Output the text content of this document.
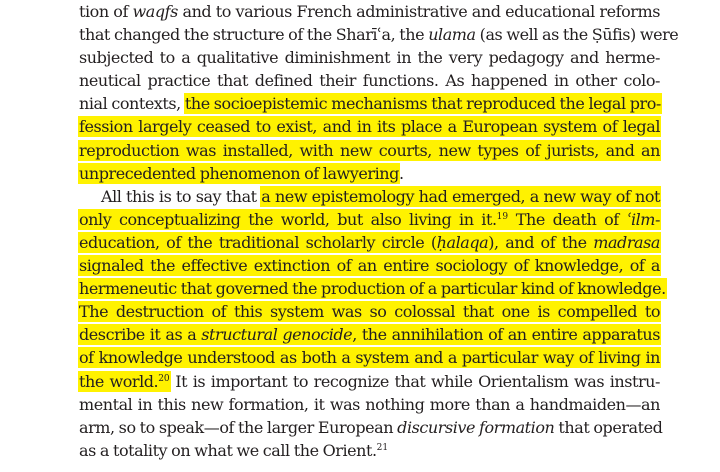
tion of waqfs and to various French administrative and educational reforms
that changed the structure of the Sharīʿa, the ulama (as well as the Ṣūfis) were
subjected to a qualitative diminishment in the very pedagogy and herme-
neutical practice that defined their functions. As happened in other colo-
nial contexts, the socioepistemic mechanisms that reproduced the legal pro-
fession largely ceased to exist, and in its place a European system of legal
reproduction was installed, with new courts, new types of jurists, and an
unprecedented phenomenon of lawyering.
All this is to say that a new epistemology had emerged, a new way of not
only conceptualizing the world, but also living in it.$^{19}$ The death of ʿilm-
education, of the traditional scholarly circle (ḥalaqa), and of the madrasa
signaled the effective extinction of an entire sociology of knowledge, of a
hermeneutic that governed the production of a particular kind of knowledge.
The destruction of this system was so colossal that one is compelled to
describe it as a structural genocide, the annihilation of an entire apparatus
of knowledge understood as both a system and a particular way of living in
the world.$^{20}$ It is important to recognize that while Orientalism was instru-
mental in this new formation, it was nothing more than a handmaiden—an
arm, so to speak—of the larger European discursive formation that operated
as a totality on what we call the Orient.$^{21}$
